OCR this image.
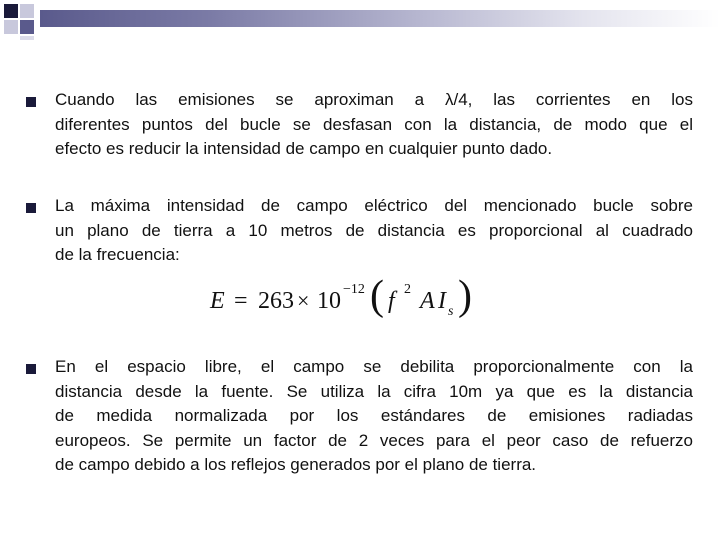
Cuando las emisiones se aproximan a λ/4, las corrientes en los
diferentes puntos del bucle se desfasan con la distancia, de modo que el
efecto es reducir la intensidad de campo en cualquier punto dado.
La máxima intensidad de campo eléctrico del mencionado bucle sobre
un plano de tierra a 10 metros de distancia es proporcional al cuadrado
de la frecuencia:
E = 263 × 10 −12 ( f 2 A I s )
En el espacio libre, el campo se debilita proporcionalmente con la
distancia desde la fuente. Se utiliza la cifra 10m ya que es la distancia
de medida normalizada por los estándares de emisiones radiadas
europeos. Se permite un factor de 2 veces para el peor caso de refuerzo
de campo debido a los reflejos generados por el plano de tierra.
